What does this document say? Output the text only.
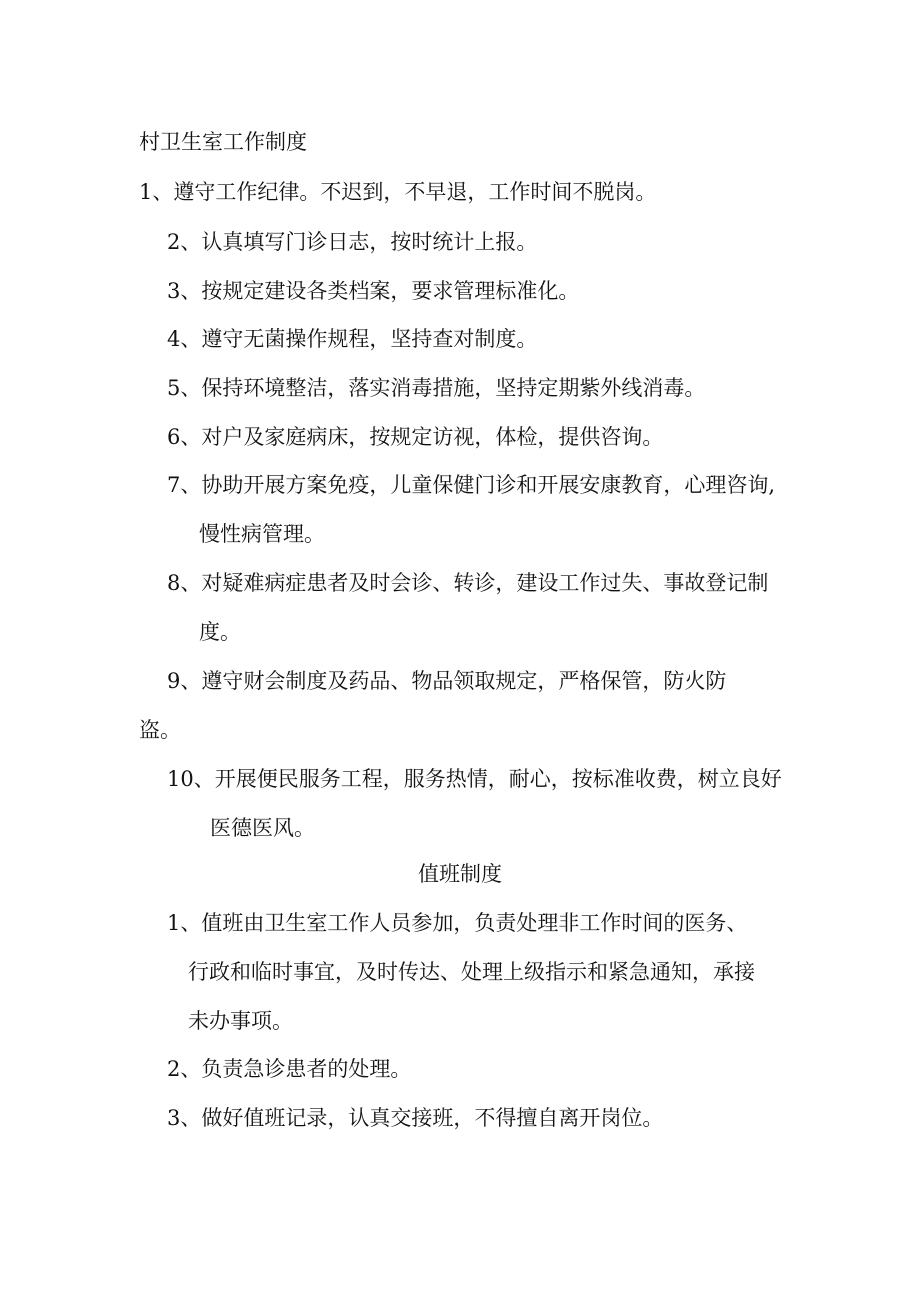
村卫生室工作制度

1、遵守工作纪律。不迟到，不早退，工作时间不脱岗。

2、认真填写门诊日志，按时统计上报。

3、按规定建设各类档案，要求管理标准化。

4、遵守无菌操作规程，坚持查对制度。

5、保持环境整洁，落实消毒措施，坚持定期紫外线消毒。

6、对户及家庭病床，按规定访视，体检，提供咨询。

7、协助开展方案免疫，儿童保健门诊和开展安康教育，心理咨询,

慢性病管理。

8、对疑难病症患者及时会诊、转诊，建设工作过失、事故登记制

度。

9、遵守财会制度及药品、物品领取规定，严格保管，防火防

盗。

10、开展便民服务工程，服务热情，耐心，按标准收费，树立良好

医德医风。

值班制度

1、值班由卫生室工作人员参加，负责处理非工作时间的医务、

行政和临时事宜，及时传达、处理上级指示和紧急通知，承接

未办事项。

2、负责急诊患者的处理。

3、做好值班记录，认真交接班，不得擅自离开岗位。
